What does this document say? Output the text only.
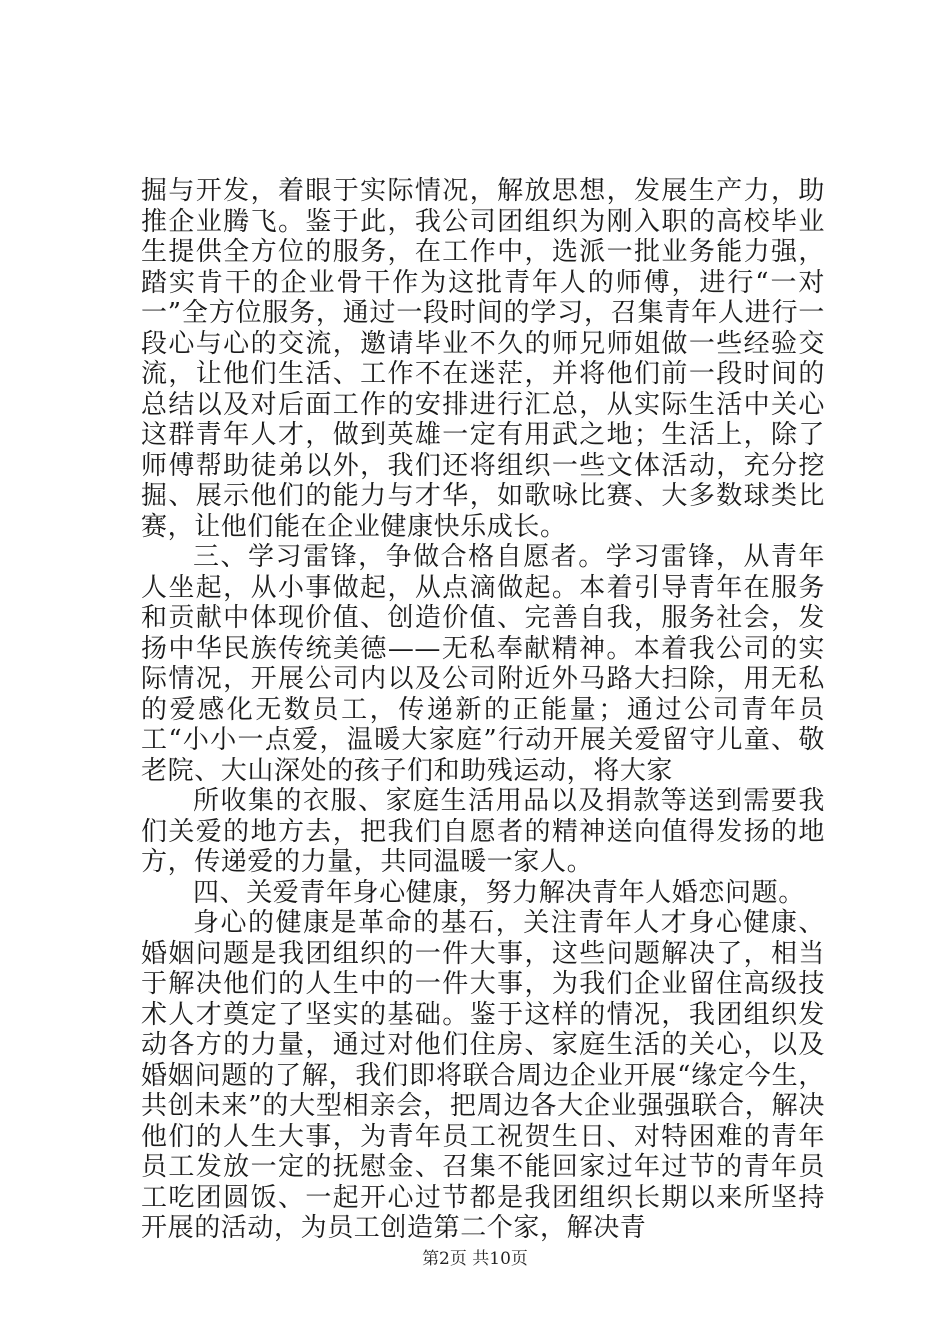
掘与开发，着眼于实际情况，解放思想，发展生产力，助推企业腾飞。鉴于此，我公司团组织为刚入职的高校毕业生提供全方位的服务，在工作中，选派一批业务能力强，踏实肯干的企业骨干作为这批青年人的师傅，进行“一对一”全方位服务，通过一段时间的学习，召集青年人进行一段心与心的交流，邀请毕业不久的师兄师姐做一些经验交流，让他们生活、工作不在迷茫，并将他们前一段时间的总结以及对后面工作的安排进行汇总，从实际生活中关心这群青年人才，做到英雄一定有用武之地；生活上，除了师傅帮助徒弟以外，我们还将组织一些文体活动，充分挖掘、展示他们的能力与才华，如歌咏比赛、大多数球类比赛，让他们能在企业健康快乐成长。

三、学习雷锋，争做合格自愿者。学习雷锋，从青年人坐起，从小事做起，从点滴做起。本着引导青年在服务和贡献中体现价值、创造价值、完善自我，服务社会，发扬中华民族传统美德——无私奉献精神。本着我公司的实际情况，开展公司内以及公司附近外马路大扫除，用无私的爱感化无数员工，传递新的正能量；通过公司青年员工“小小一点爱，温暖大家庭”行动开展关爱留守儿童、敬老院、大山深处的孩子们和助残运动，将大家

所收集的衣服、家庭生活用品以及捐款等送到需要我们关爱的地方去，把我们自愿者的精神送向值得发扬的地方，传递爱的力量，共同温暖一家人。

四、关爱青年身心健康，努力解决青年人婚恋问题。

身心的健康是革命的基石，关注青年人才身心健康、婚姻问题是我团组织的一件大事，这些问题解决了，相当于解决他们的人生中的一件大事，为我们企业留住高级技术人才奠定了坚实的基础。鉴于这样的情况，我团组织发动各方的力量，通过对他们住房、家庭生活的关心，以及婚姻问题的了解，我们即将联合周边企业开展“缘定今生，共创未来”的大型相亲会，把周边各大企业强强联合，解决他们的人生大事，为青年员工祝贺生日、对特困难的青年员工发放一定的抚慰金、召集不能回家过年过节的青年员工吃团圆饭、一起开心过节都是我团组织长期以来所坚持开展的活动，为员工创造第二个家，解决青

第2页 共10页
